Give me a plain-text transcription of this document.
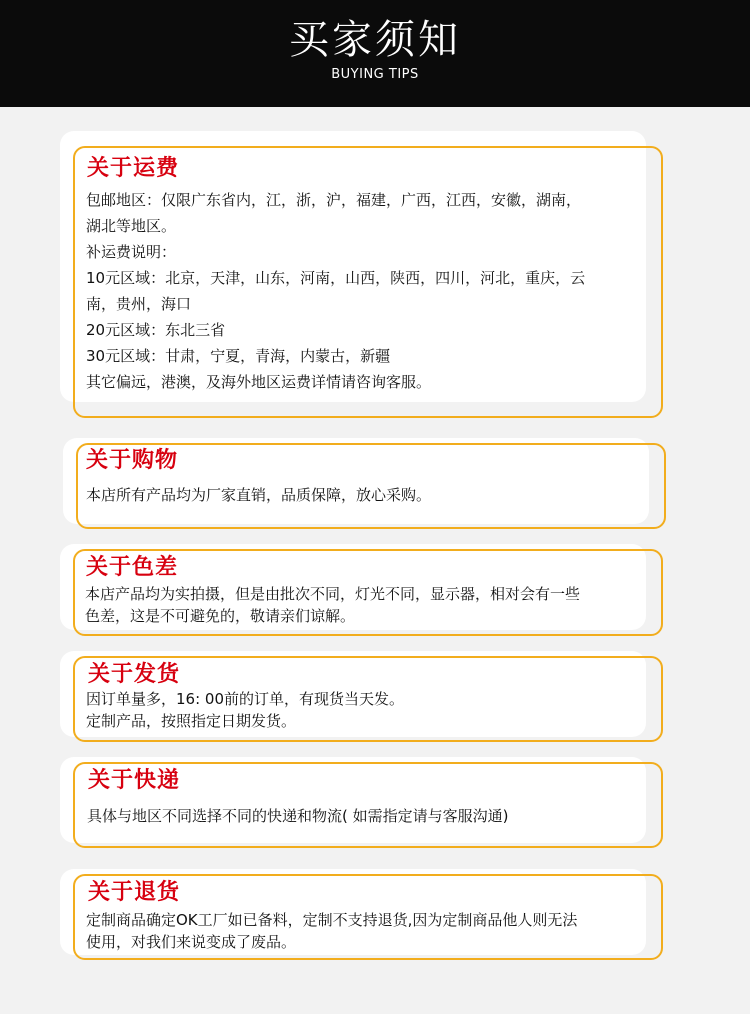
买家须知
BUYING TIPS
关于运费
包邮地区：仅限广东省内，江，浙，沪，福建，广西，江西，安徽，湖南，
湖北等地区。
补运费说明：
10元区域：北京，天津，山东，河南，山西，陕西，四川，河北，重庆，云
南，贵州，海口
20元区域：东北三省
30元区域：甘肃，宁夏，青海，内蒙古，新疆
其它偏远，港澳，及海外地区运费详情请咨询客服。
关于购物
本店所有产品均为厂家直销，品质保障，放心采购。
关于色差
本店产品均为实拍摄，但是由批次不同，灯光不同，显示器，相对会有一些
色差，这是不可避免的，敬请亲们谅解。
关于发货
因订单量多，16: 00前的订单，有现货当天发。
定制产品，按照指定日期发货。
关于快递
具体与地区不同选择不同的快递和物流( 如需指定请与客服沟通)
关于退货
定制商品确定OK工厂如已备料，定制不支持退货,因为定制商品他人则无法
使用，对我们来说变成了废品。
